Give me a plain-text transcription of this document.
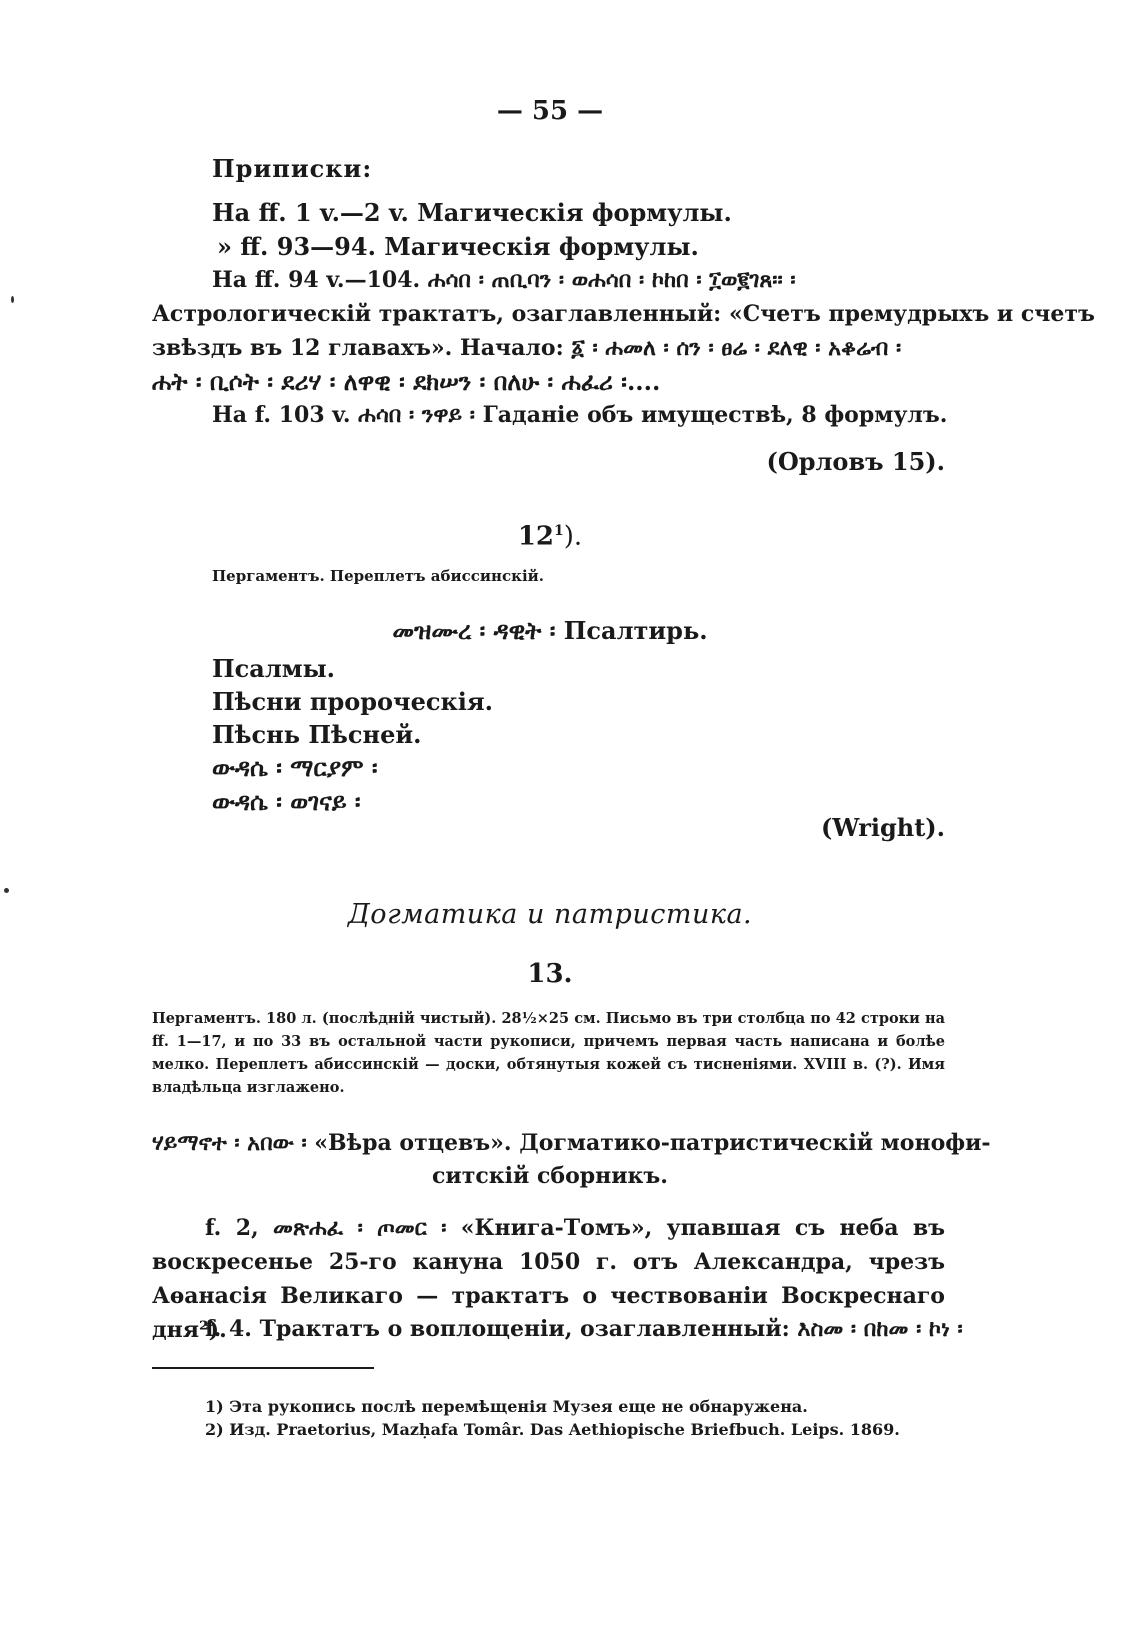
— 55 —
Приписки:
На ff. 1 v.—2 v. Магическія формулы.
» ff. 93—94. Магическія формулы.
На ff. 94 v.—104. ሐሳበ ፡ ጠቢባን ፡ ወሐሳበ ፡ ኮከበ ፡ ፲ወ፪ገጸ፡፡ ፡
Астрологическій трактатъ, озаглавленный: «Счетъ премудрыхъ и счетъ
звѣздъ въ 12 главахъ». Начало: ፩ ፡ ሐመለ ፡ ሰን ፡ ፀሬ ፡ ደለዊ ፡ አቆሬብ ፡
ሐት ፡ ቢሶት ፡ ደሪሃ ፡ ለዋዊ ፡ ደክሠን ፡ በለሁ ፡ ሐፈሪ ፡....
На f. 103 v. ሐሳበ ፡ ንዋይ ፡ Гаданіе объ имуществѣ, 8 формулъ.
(Орловъ 15).
$12^1$).
Пергаментъ. Переплетъ абиссинскій.
መዝሙረ ፡ ዳዊት ፡ Псалтирь.
Псалмы.
Пѣсни пророческія.
Пѣснь Пѣсней.
ውዳሴ ፡ ማርያም ፡
ውዳሴ ፡ ወገናይ ፡
(Wright).
Догматика и патристика.
13.
Пергаментъ. 180 л. (послѣдній чистый). 28½×25 см. Письмо въ три столбца по 42 строки на ff. 1—17, и по 33 въ остальной части рукописи, причемъ первая часть написана и болѣе мелко. Переплетъ абиссинскій — доски, обтянутыя кожей съ тисненіями. XVIII в. (?). Имя владѣльца изглажено.
ሃይማኖተ ፡ አበው ፡ «Вѣра отцевъ». Догматико-патристическій монофи-
ситскій сборникъ.
f. 2, መጽሐፈ ፡ ጦመር ፡ «Книга-Томъ», упавшая съ неба въ воскресенье 25-го кануна 1050 г. отъ Александра, чрезъ Аѳанасія Великаго — трактатъ о чествованіи Воскреснаго дня²).
f. 4. Трактатъ о воплощеніи, озаглавленный: እስመ ፡ በከመ ፡ ኮነ ፡
1) Эта рукопись послѣ перемѣщенія Музея еще не обнаружена.
2) Изд. Praetorius, Mazḥafa Tomâr. Das Aethiopische Briefbuch. Leips. 1869.
